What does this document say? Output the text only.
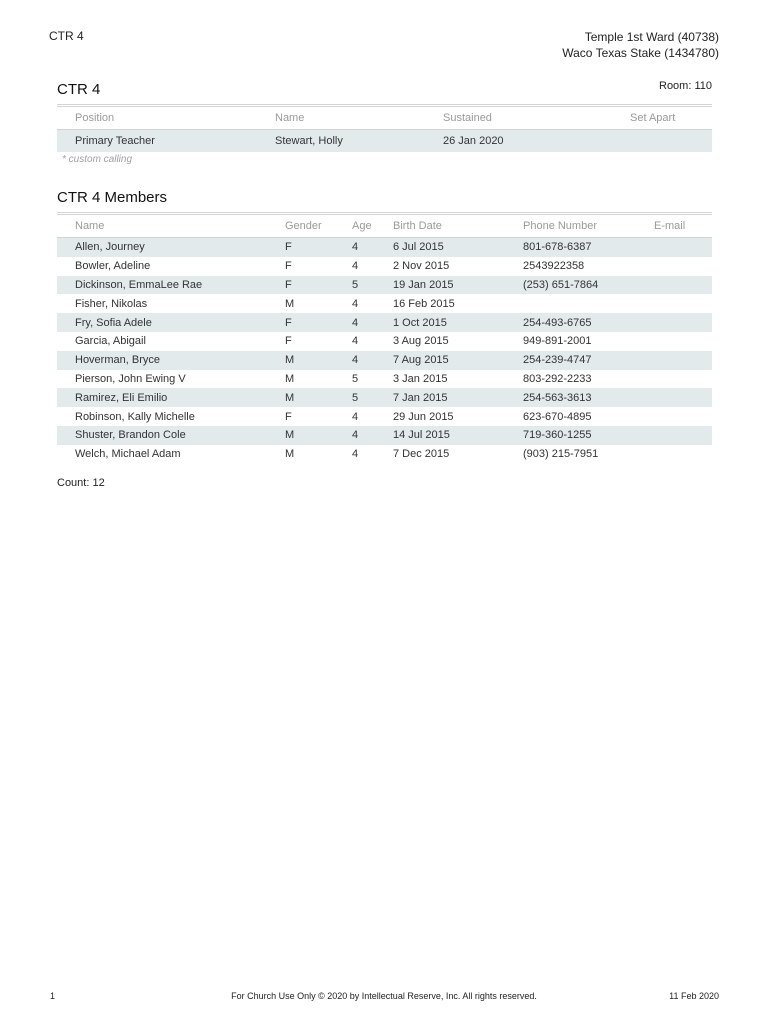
CTR 4	Temple 1st Ward (40738)
Waco Texas Stake (1434780)
CTR 4	Room: 110
Position	Name	Sustained	Set Apart
Primary Teacher	Stewart, Holly	26 Jan 2020	
* custom calling
CTR 4 Members
Name	Gender	Age	Birth Date	Phone Number	E-mail
Allen, Journey	F	4	6 Jul 2015	801-678-6387	
Bowler, Adeline	F	4	2 Nov 2015	2543922358	
Dickinson, EmmaLee Rae	F	5	19 Jan 2015	(253) 651-7864	
Fisher, Nikolas	M	4	16 Feb 2015		
Fry, Sofia Adele	F	4	1 Oct 2015	254-493-6765	
Garcia, Abigail	F	4	3 Aug 2015	949-891-2001	
Hoverman, Bryce	M	4	7 Aug 2015	254-239-4747	
Pierson, John Ewing V	M	5	3 Jan 2015	803-292-2233	
Ramirez, Eli Emilio	M	5	7 Jan 2015	254-563-3613	
Robinson, Kally Michelle	F	4	29 Jun 2015	623-670-4895	
Shuster, Brandon Cole	M	4	14 Jul 2015	719-360-1255	
Welch, Michael Adam	M	4	7 Dec 2015	(903) 215-7951	
Count: 12
1	For Church Use Only © 2020 by Intellectual Reserve, Inc. All rights reserved.	11 Feb 2020
